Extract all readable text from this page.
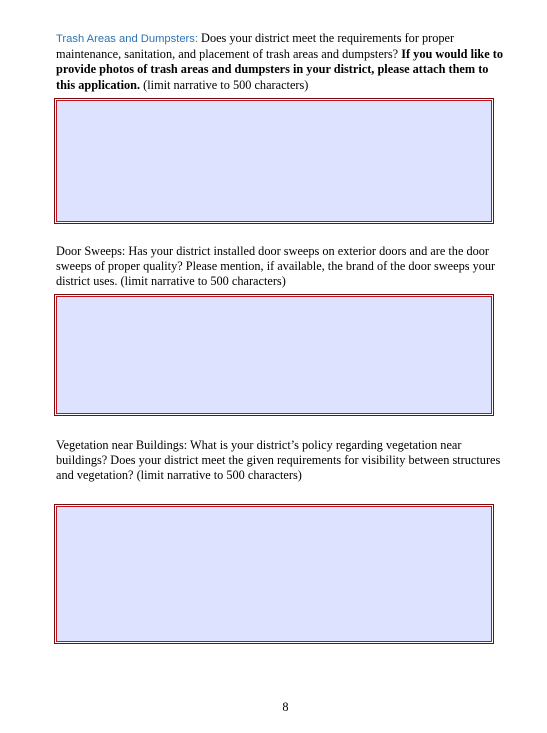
Trash Areas and Dumpsters: Does your district meet the requirements for proper maintenance, sanitation, and placement of trash areas and dumpsters? If you would like to provide photos of trash areas and dumpsters in your district, please attach them to this application. (limit narrative to 500 characters)

Door Sweeps: Has your district installed door sweeps on exterior doors and are the door sweeps of proper quality? Please mention, if available, the brand of the door sweeps your district uses. (limit narrative to 500 characters)

Vegetation near Buildings: What is your district’s policy regarding vegetation near buildings? Does your district meet the given requirements for visibility between structures and vegetation? (limit narrative to 500 characters)

8
